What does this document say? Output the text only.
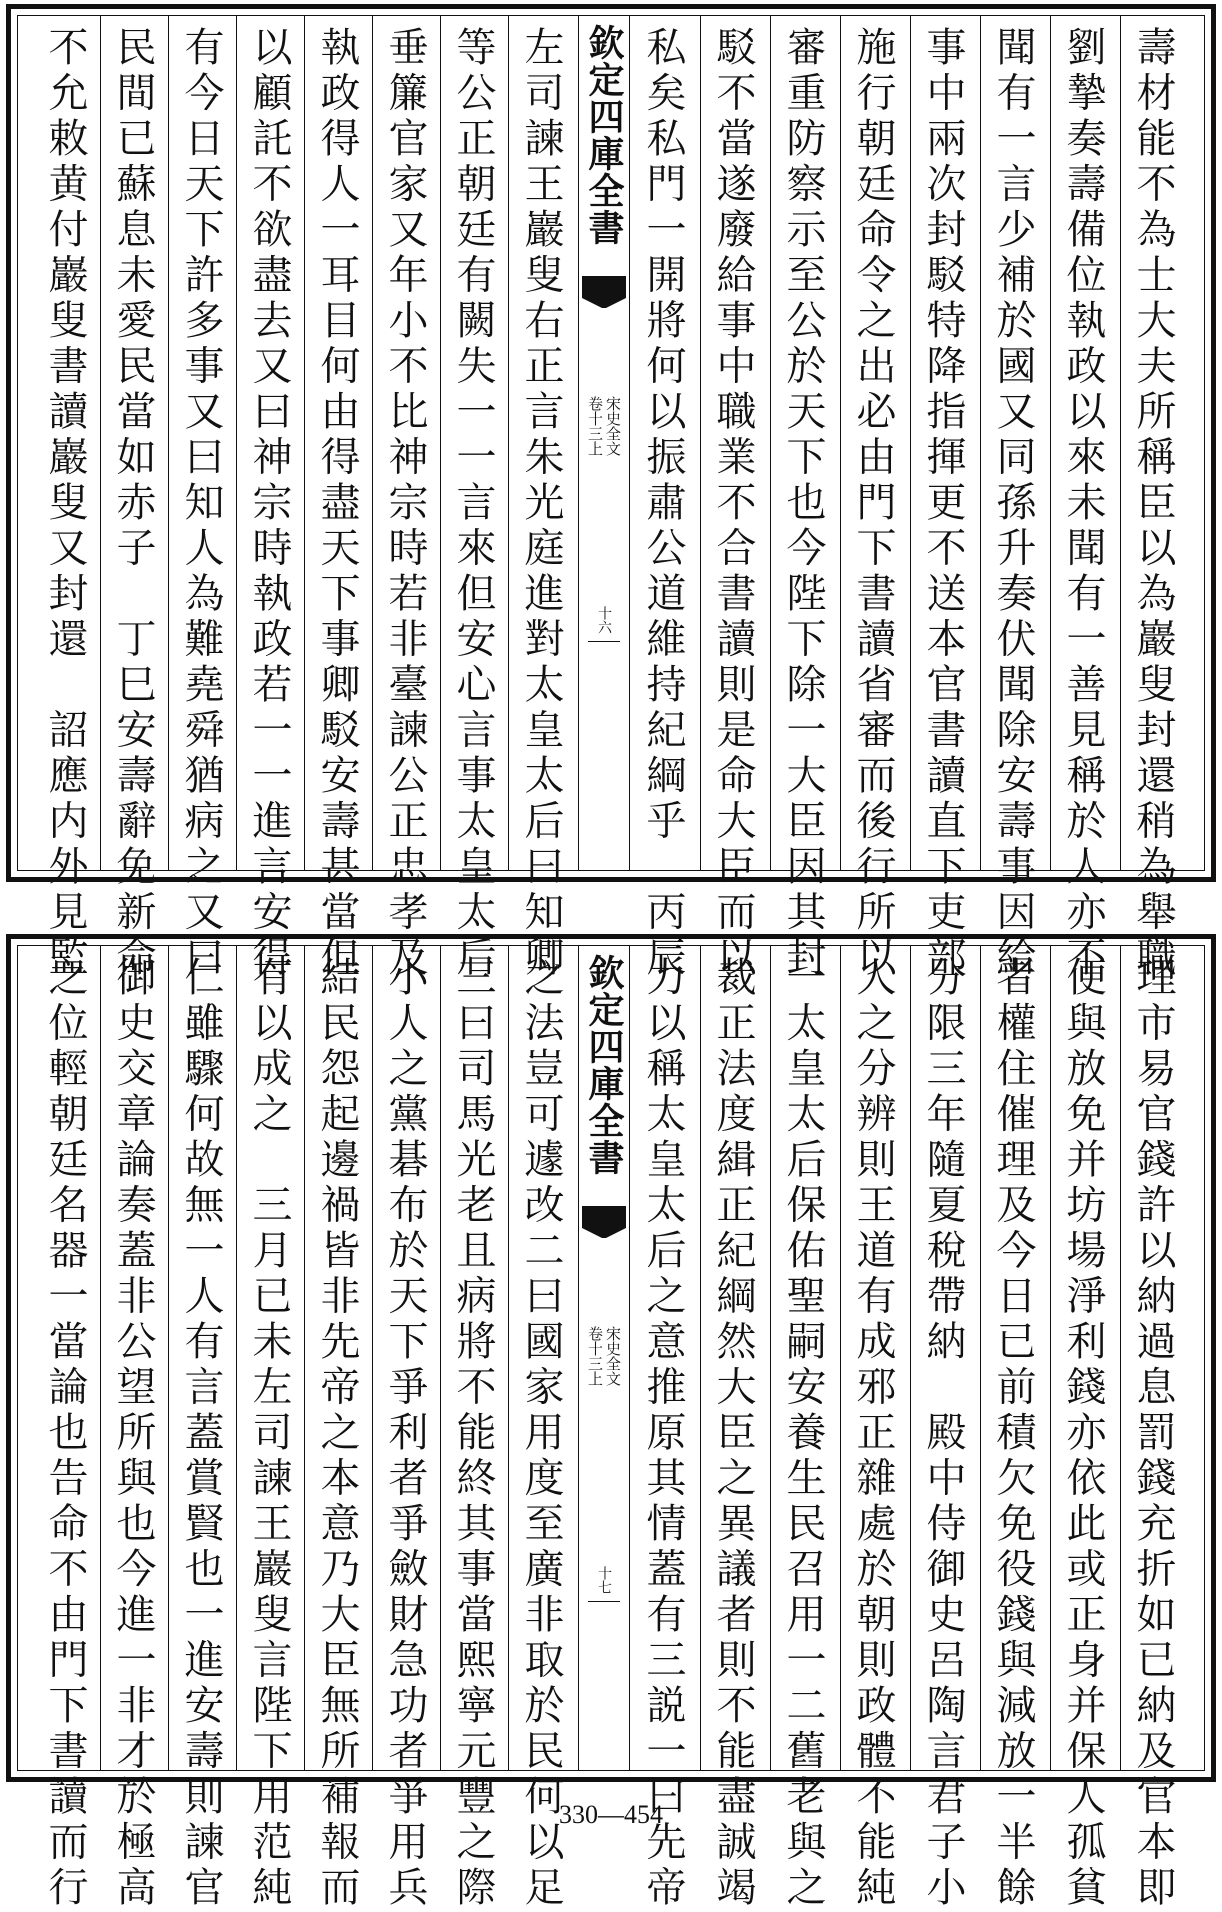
壽材能不為士大夫所稱臣以為巖叟封還稍為舉職
劉摯奏壽備位執政以來未聞有一善見稱於人亦不
聞有一言少補於國又同孫升奏伏聞除安壽事因給
事中兩次封駁特降指揮更不送本官書讀直下吏部
施行朝廷命令之出必由門下書讀省審而後行所以
審重防察示至公於天下也今陛下除一大臣因其封
駁不當遂廢給事中職業不合書讀則是命大臣而以
私矣私門一開將何以振肅公道維持紀綱乎　丙辰
左司諫王巖叟右正言朱光庭進對太皇太后曰知卿
等公正朝廷有闕失一一言來但安心言事太皇太后
垂簾官家又年小不比神宗時若非臺諫公正忠孝及
執政得人一耳目何由得盡天下事卿駁安壽甚當但
以顧託不欲盡去又曰神宗時執政若一一進言安得
有今日天下許多事又曰知人為難堯舜猶病之又曰
民間已蘇息未愛民當如赤子　丁巳安壽辭免新命
不允敕黄付巖叟書讀巖叟又封還　詔應内外見監	欽定四庫全書
宋史全文
卷十三上
十六
理市易官錢許以納過息罰錢充折如已納及官本即
便與放免并坊場淨利錢亦依此或正身并保人孤貧
者權住催理及今日已前積欠免役錢與減放一半餘
分限三年隨夏稅帶納　殿中侍御史呂陶言君子小
人之分辨則王道有成邪正雜處於朝則政體不能純
一太皇太后保佑聖嗣安養生民召用一二舊老與之
裁正法度緝正紀綱然大臣之異議者則不能盡誠竭
力以稱太皇太后之意推原其情蓋有三説一曰先帝
之法豈可遽改二曰國家用度至廣非取於民何以足
三曰司馬光老且病將不能終其事當熙寧元豐之際
小人之黨碁布於天下爭利者爭斂財急功者爭用兵
結民怨起邊禍皆非先帝之本意乃大臣無所補報而
有以成之　三月已未左司諫王巖叟言陛下用范純
仁雖驟何故無一人有言蓋賞賢也一進安壽則諫官
御史交章論奏蓋非公望所與也今進一非才於極高
之位輕朝廷名器一當論也告命不由門下書讀而行	欽定四庫全書
宋史全文
卷十三上
十七
330—454
